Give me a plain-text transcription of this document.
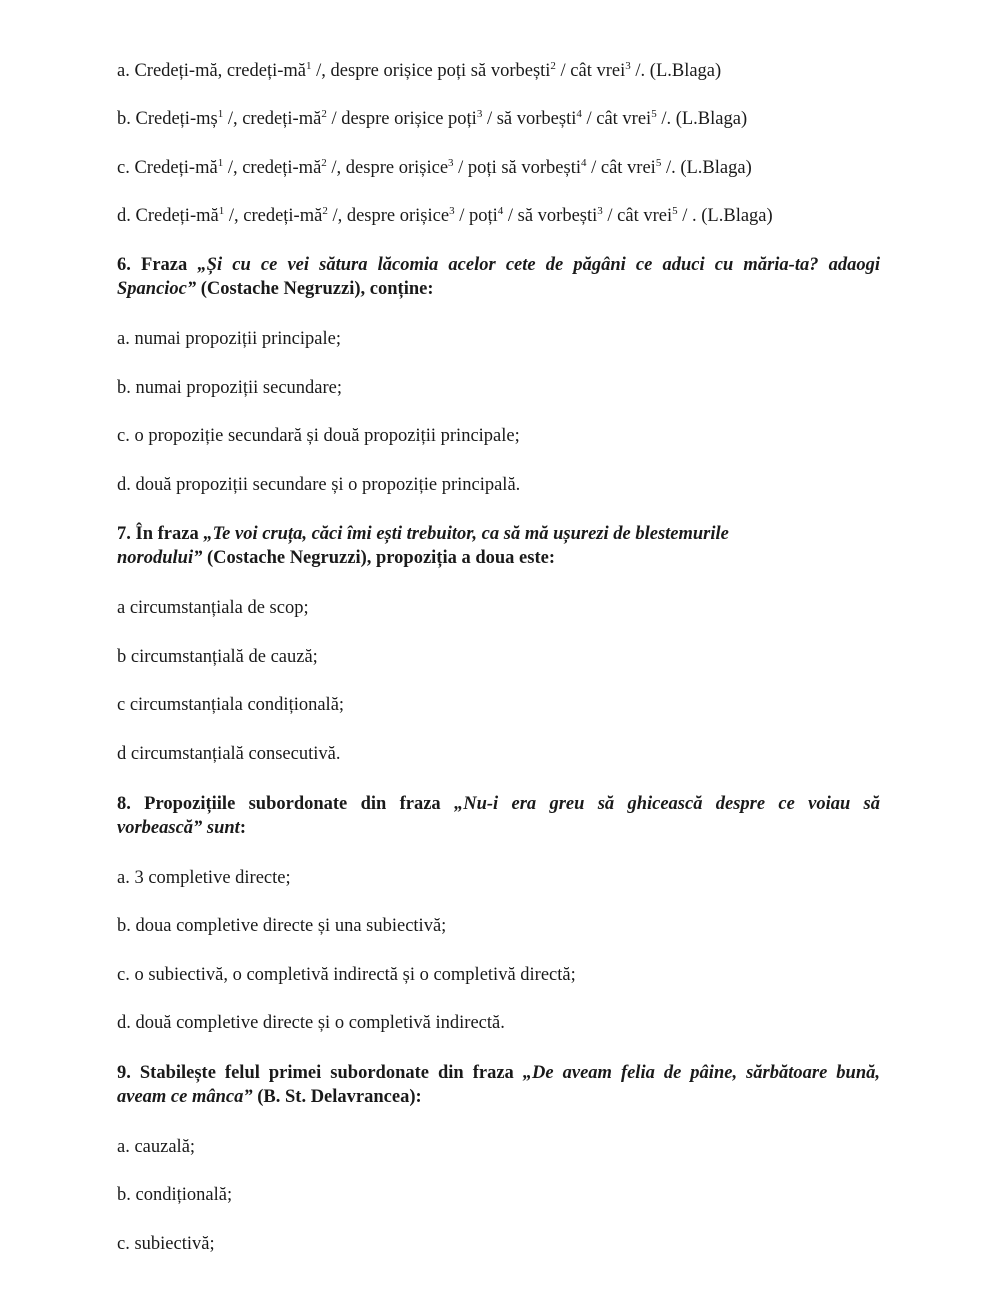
a. Credeți-mă, credeți-$mă^1$ /, despre orișice poți să vorbești$^2$ / cât vrei$^3$ /. (L.Blaga)
b. Credeți-$mș^1$ /, credeți-$mă^2$ / despre orișice poți$^3$ / să vorbești$^4$ / cât vrei$^5$ /. (L.Blaga)
c. Credeți-$mă^1$ /, credeți-$mă^2$ /, despre orișice$^3$ / poți să vorbești$^4$ / cât vrei$^5$ /. (L.Blaga)
d. Credeți-$mă^1$ /, credeți-$mă^2$ /, despre orișice$^3$ / poți$^4$ / să vorbești$^3$ / cât vrei$^5$ / . (L.Blaga)
6. Fraza „Și cu ce vei sătura lăcomia acelor cete de păgâni ce aduci cu măria-ta? adaogi
Spancioc” (Costache Negruzzi), conține:
a. numai propoziții principale;
b. numai propoziții secundare;
c. o propoziție secundară și două propoziții principale;
d. două propoziții secundare și o propoziție principală.
7. În fraza „Te voi cruța, căci îmi ești trebuitor, ca să mă ușurezi de blestemurile
norodului” (Costache Negruzzi), propoziția a doua este:
a circumstanțiala de scop;
b circumstanțială de cauză;
c circumstanțiala condițională;
d circumstanțială consecutivă.
8. Propozițiile subordonate din fraza „Nu-i era greu să ghicească despre ce voiau să
vorbească” sunt:
a. 3 completive directe;
b. doua completive directe și una subiectivă;
c. o subiectivă, o completivă indirectă și o completivă directă;
d. două completive directe și o completivă indirectă.
9. Stabilește felul primei subordonate din fraza „De aveam felia de pâine, sărbătoare bună,
aveam ce mânca” (B. St. Delavrancea):
a. cauzală;
b. condițională;
c. subiectivă;
